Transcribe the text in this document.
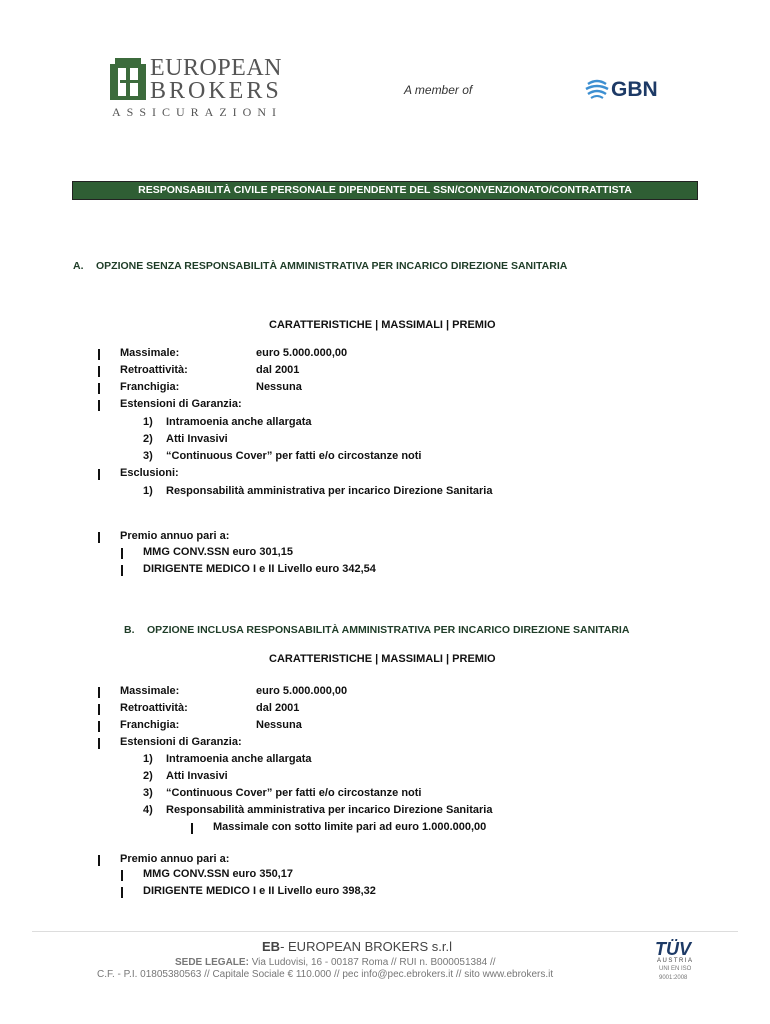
EUROPEAN
BROKERS
ASSICURAZIONI
A member of	GBN
RESPONSABILITÀ CIVILE PERSONALE DIPENDENTE DEL SSN/CONVENZIONATO/CONTRATTISTA
A. OPZIONE SENZA RESPONSABILITÀ AMMINISTRATIVA PER INCARICO DIREZIONE SANITARIA
CARATTERISTICHE | MASSIMALI | PREMIO
Massimale:	euro 5.000.000,00
Retroattività:	dal 2001
Franchigia:	Nessuna
Estensioni di Garanzia:
1) Intramoenia anche allargata
2) Atti Invasivi
3) “Continuous Cover” per fatti e/o circostanze noti
Esclusioni:
1) Responsabilità amministrativa per incarico Direzione Sanitaria
Premio annuo pari a:
MMG CONV.SSN euro 301,15
DIRIGENTE MEDICO I e II Livello euro 342,54
B. OPZIONE INCLUSA RESPONSABILITÀ AMMINISTRATIVA PER INCARICO DIREZIONE SANITARIA
CARATTERISTICHE | MASSIMALI | PREMIO
Massimale:	euro 5.000.000,00
Retroattività:	dal 2001
Franchigia:	Nessuna
Estensioni di Garanzia:
1) Intramoenia anche allargata
2) Atti Invasivi
3) “Continuous Cover” per fatti e/o circostanze noti
4) Responsabilità amministrativa per incarico Direzione Sanitaria
Massimale con sotto limite pari ad euro 1.000.000,00
Premio annuo pari a:
MMG CONV.SSN euro 350,17
DIRIGENTE MEDICO I e II Livello euro 398,32
EB- EUROPEAN BROKERS s.r.l
SEDE LEGALE: Via Ludovisi, 16 - 00187 Roma // RUI n. B000051384 //
C.F. - P.I. 01805380563 // Capitale Sociale € 110.000 // pec info@pec.ebrokers.it // sito www.ebrokers.it
TÜV
AUSTRIA
UNI EN ISO
9001:2008
